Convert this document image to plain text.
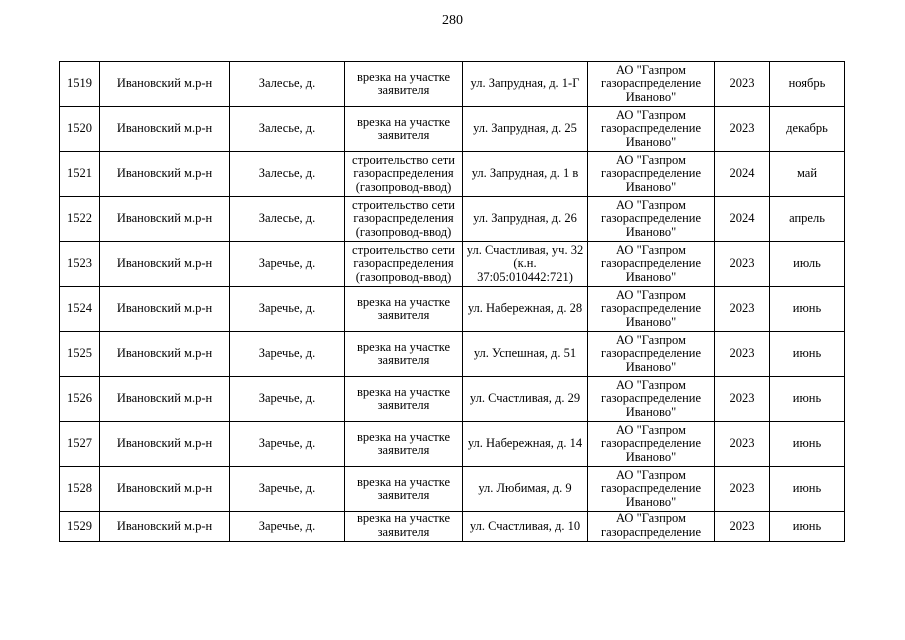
280
1519	Ивановский м.р-н	Залесье, д.	врезка на участке заявителя	ул. Запрудная, д. 1-Г	АО "Газпром газораспределение Иваново"	2023	ноябрь
1520	Ивановский м.р-н	Залесье, д.	врезка на участке заявителя	ул. Запрудная, д. 25	АО "Газпром газораспределение Иваново"	2023	декабрь
1521	Ивановский м.р-н	Залесье, д.	строительство сети газораспределения (газопровод-ввод)	ул. Запрудная, д. 1 в	АО "Газпром газораспределение Иваново"	2024	май
1522	Ивановский м.р-н	Залесье, д.	строительство сети газораспределения (газопровод-ввод)	ул. Запрудная, д. 26	АО "Газпром газораспределение Иваново"	2024	апрель
1523	Ивановский м.р-н	Заречье, д.	строительство сети газораспределения (газопровод-ввод)	ул. Счастливая, уч. 32 (к.н. 37:05:010442:721)	АО "Газпром газораспределение Иваново"	2023	июль
1524	Ивановский м.р-н	Заречье, д.	врезка на участке заявителя	ул. Набережная, д. 28	АО "Газпром газораспределение Иваново"	2023	июнь
1525	Ивановский м.р-н	Заречье, д.	врезка на участке заявителя	ул. Успешная, д. 51	АО "Газпром газораспределение Иваново"	2023	июнь
1526	Ивановский м.р-н	Заречье, д.	врезка на участке заявителя	ул. Счастливая, д. 29	АО "Газпром газораспределение Иваново"	2023	июнь
1527	Ивановский м.р-н	Заречье, д.	врезка на участке заявителя	ул. Набережная, д. 14	АО "Газпром газораспределение Иваново"	2023	июнь
1528	Ивановский м.р-н	Заречье, д.	врезка на участке заявителя	ул. Любимая, д. 9	АО "Газпром газораспределение Иваново"	2023	июнь
1529	Ивановский м.р-н	Заречье, д.	врезка на участке заявителя	ул. Счастливая, д. 10	АО "Газпром газораспределение	2023	июнь
